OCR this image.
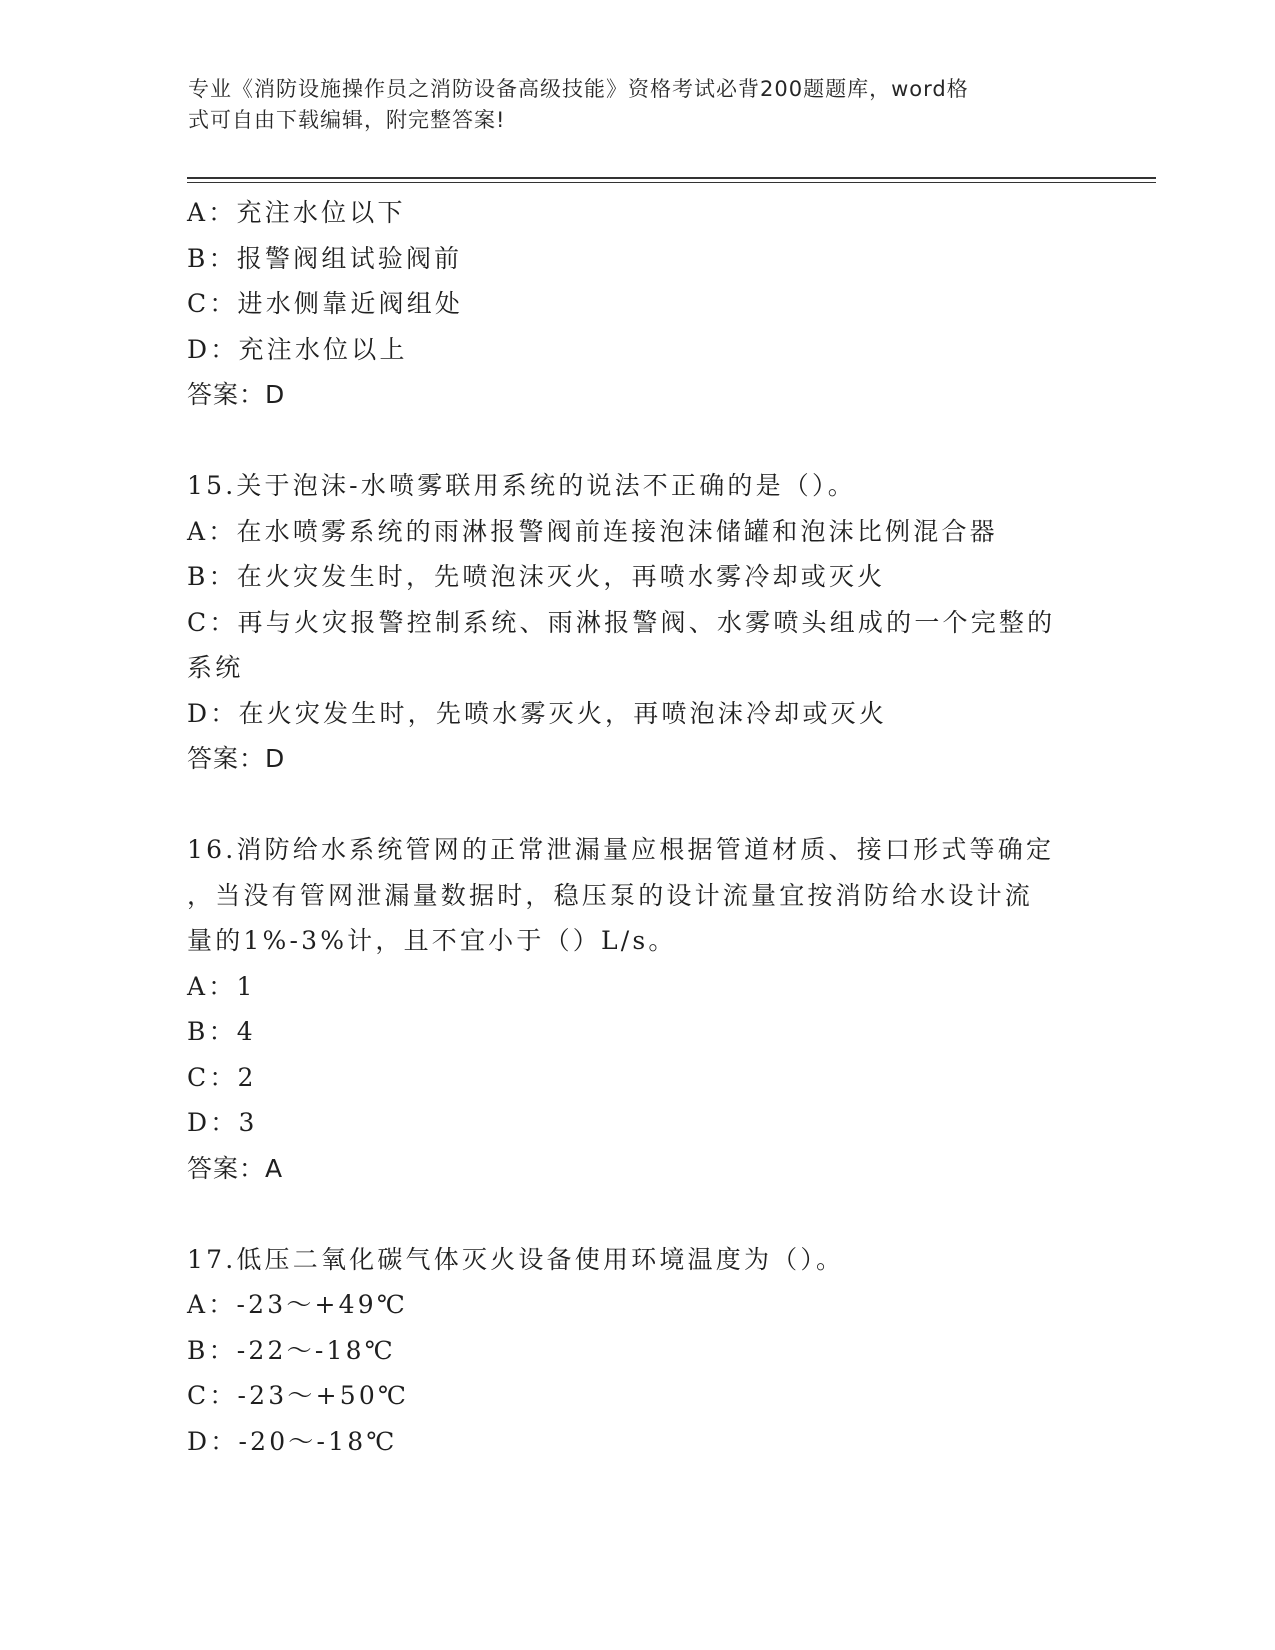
专业《消防设施操作员之消防设备高级技能》资格考试必背200题题库，word格
式可自由下载编辑，附完整答案!
A：充注水位以下
B：报警阀组试验阀前
C：进水侧靠近阀组处
D：充注水位以上
答案：D
15.关于泡沫-水喷雾联用系统的说法不正确的是（）。
A：在水喷雾系统的雨淋报警阀前连接泡沫储罐和泡沫比例混合器
B：在火灾发生时，先喷泡沫灭火，再喷水雾冷却或灭火
C：再与火灾报警控制系统、雨淋报警阀、水雾喷头组成的一个完整的
系统
D：在火灾发生时，先喷水雾灭火，再喷泡沫冷却或灭火
答案：D
16.消防给水系统管网的正常泄漏量应根据管道材质、接口形式等确定
，当没有管网泄漏量数据时，稳压泵的设计流量宜按消防给水设计流
量的1%-3%计，且不宜小于（）L/s。
A：1
B：4
C：2
D：3
答案：A
17.低压二氧化碳气体灭火设备使用环境温度为（）。
A：-23～+49℃
B：-22～-18℃
C：-23～+50℃
D：-20～-18℃
